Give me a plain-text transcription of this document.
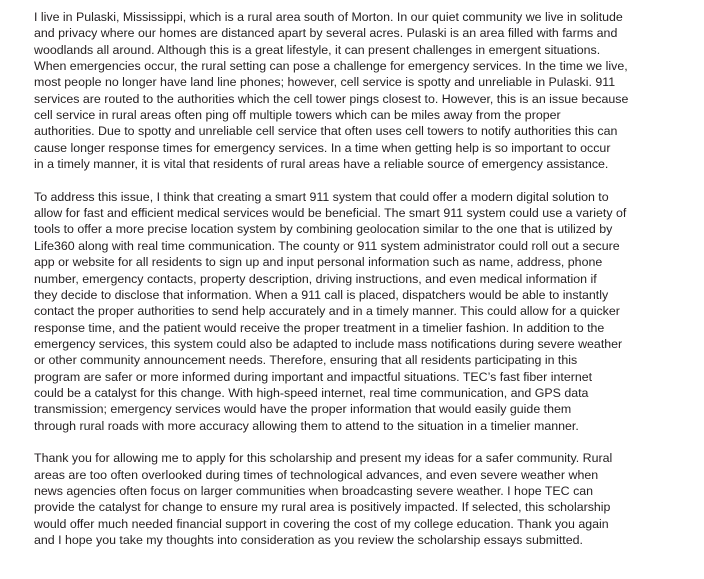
I live in Pulaski, Mississippi, which is a rural area south of Morton. In our quiet community we live in solitude
and privacy where our homes are distanced apart by several acres. Pulaski is an area filled with farms and
woodlands all around. Although this is a great lifestyle, it can present challenges in emergent situations.
When emergencies occur, the rural setting can pose a challenge for emergency services. In the time we live,
most people no longer have land line phones; however, cell service is spotty and unreliable in Pulaski. 911
services are routed to the authorities which the cell tower pings closest to. However, this is an issue because
cell service in rural areas often ping off multiple towers which can be miles away from the proper
authorities. Due to spotty and unreliable cell service that often uses cell towers to notify authorities this can
cause longer response times for emergency services. In a time when getting help is so important to occur
in a timely manner, it is vital that residents of rural areas have a reliable source of emergency assistance.

To address this issue, I think that creating a smart 911 system that could offer a modern digital solution to
allow for fast and efficient medical services would be beneficial. The smart 911 system could use a variety of
tools to offer a more precise location system by combining geolocation similar to the one that is utilized by
Life360 along with real time communication. The county or 911 system administrator could roll out a secure
app or website for all residents to sign up and input personal information such as name, address, phone
number, emergency contacts, property description, driving instructions, and even medical information if
they decide to disclose that information. When a 911 call is placed, dispatchers would be able to instantly
contact the proper authorities to send help accurately and in a timely manner. This could allow for a quicker
response time, and the patient would receive the proper treatment in a timelier fashion. In addition to the
emergency services, this system could also be adapted to include mass notifications during severe weather
or other community announcement needs. Therefore, ensuring that all residents participating in this
program are safer or more informed during important and impactful situations. TEC’s fast fiber internet
could be a catalyst for this change. With high-speed internet, real time communication, and GPS data
transmission; emergency services would have the proper information that would easily guide them
through rural roads with more accuracy allowing them to attend to the situation in a timelier manner.

Thank you for allowing me to apply for this scholarship and present my ideas for a safer community. Rural
areas are too often overlooked during times of technological advances, and even severe weather when
news agencies often focus on larger communities when broadcasting severe weather. I hope TEC can
provide the catalyst for change to ensure my rural area is positively impacted. If selected, this scholarship
would offer much needed financial support in covering the cost of my college education. Thank you again
and I hope you take my thoughts into consideration as you review the scholarship essays submitted.
